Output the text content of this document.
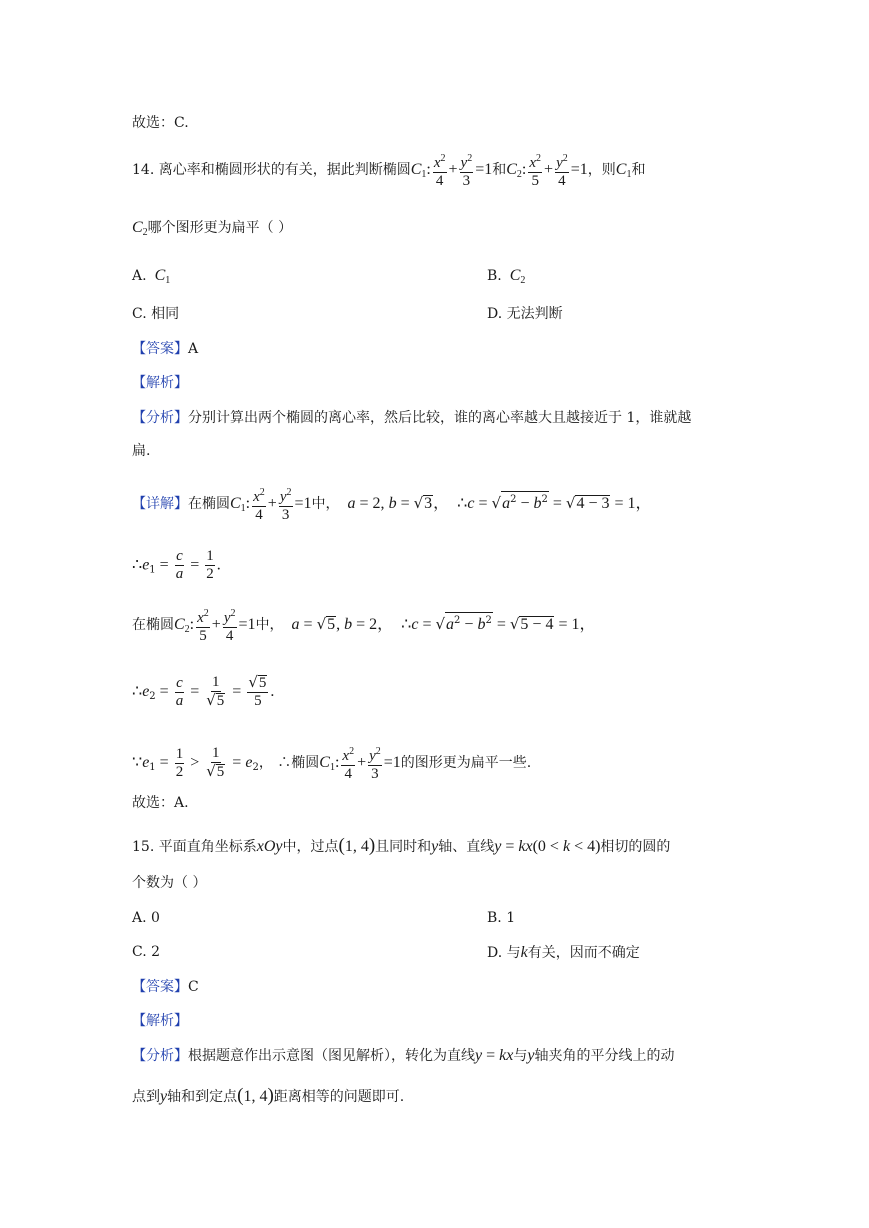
故选：C.
14. 离心率和椭圆形状的有关，据此判断椭圆$C_1$: $\frac{x^2}{4} + \frac{y^2}{3} =1$和$C_2$: $\frac{x^2}{5} + \frac{y^2}{4} =1$，则$C_1$和
$C_2$哪个图形更为扁平（ ）
A. $C_1$	B. $C_2$
C. 相同	D. 无法判断
【答案】A
【解析】
【分析】分别计算出两个椭圆的离心率，然后比较，谁的离心率越大且越接近于 1，谁就越
扁.
【详解】在椭圆$C_1$: $\frac{x^2}{4} + \frac{y^2}{3} =1$中， a = 2, b = √3， ∴c = $√a^2 - b^2 = √4 - 3 = 1$，
$\therefore e_1 = \frac{c}{a} = \frac{1}{2}$ .
在椭圆$C_2$: $\frac{x^2}{5} + \frac{y^2}{4} =1$中， a = √5, b = 2， ∴c = $√a^2 - b^2 = √5 - 4 = 1$，
$\therefore e_2 = \frac{c}{a} = \frac{1}{√5} = \frac{√5}{5}$ .
$\because e_1 = \frac{1}{2} > \frac{1}{√5} = e_2$， ∴椭圆$C_1$: $\frac{x^2}{4} + \frac{y^2}{3} =1$的图形更为扁平一些.
故选：A.
15. 平面直角坐标系xOy中，过点(1, 4)且同时和y轴、直线y = kx(0 < k < 4)相切的圆的
个数为（ ）
A. 0	B. 1
C. 2	D. 与k有关，因而不确定
【答案】C
【解析】
【分析】根据题意作出示意图（图见解析），转化为直线y = kx与y轴夹角的平分线上的动
点到y轴和到定点(1, 4)距离相等的问题即可.
